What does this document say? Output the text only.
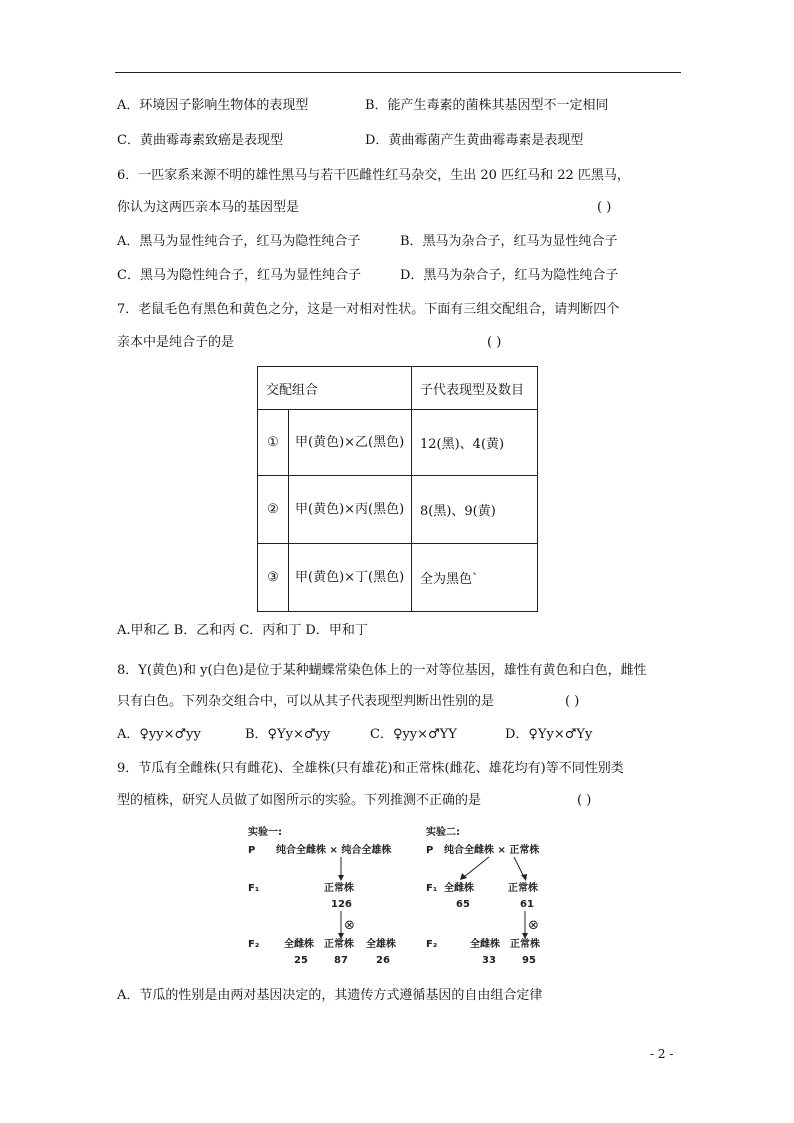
A．环境因子影响生物体的表现型	B．能产生毒素的菌株其基因型不一定相同
C．黄曲霉毒素致癌是表现型	D．黄曲霉菌产生黄曲霉毒素是表现型
6．一匹家系来源不明的雄性黑马与若干匹雌性红马杂交，生出 20 匹红马和 22 匹黑马，
你认为这两匹亲本马的基因型是	( )
A．黑马为显性纯合子，红马为隐性纯合子	B．黑马为杂合子，红马为显性纯合子
C．黑马为隐性纯合子，红马为显性纯合子	D．黑马为杂合子，红马为隐性纯合子
7．老鼠毛色有黑色和黄色之分，这是一对相对性状。下面有三组交配组合，请判断四个
亲本中是纯合子的是	( )
交配组合		子代表现型及数目
①	甲(黄色)×乙(黑色)	12(黑)、4(黄)
②	甲(黄色)×丙(黑色)	8(黑)、9(黄)
③	甲(黄色)×丁(黑色)	全为黑色`
A.甲和乙 B．乙和丙 C．丙和丁 D．甲和丁
8．Y(黄色)和 y(白色)是位于某种蝴蝶常染色体上的一对等位基因，雄性有黄色和白色，雌性
只有白色。下列杂交组合中，可以从其子代表现型判断出性别的是	( )
A．♀yy×♂yy	B．♀Yy×♂yy	C．♀yy×♂YY	D．♀Yy×♂Yy
9．节瓜有全雌株(只有雌花)、全雄株(只有雄花)和正常株(雌花、雄花均有)等不同性别类
型的植株，研究人员做了如图所示的实验。下列推测不正确的是	( )
实验一:
P 纯合全雌株 × 纯合全雄株
F₁	正常株
126
⊗
F₂ 全雌株
25
正常株
87
全雄株
26
实验二:
P 纯合全雌株 × 正常株
F₁ 全雌株
65
正常株
61
⊗
F₂	全雌株
33
正常株
95
A．节瓜的性别是由两对基因决定的，其遗传方式遵循基因的自由组合定律
- 2 -
